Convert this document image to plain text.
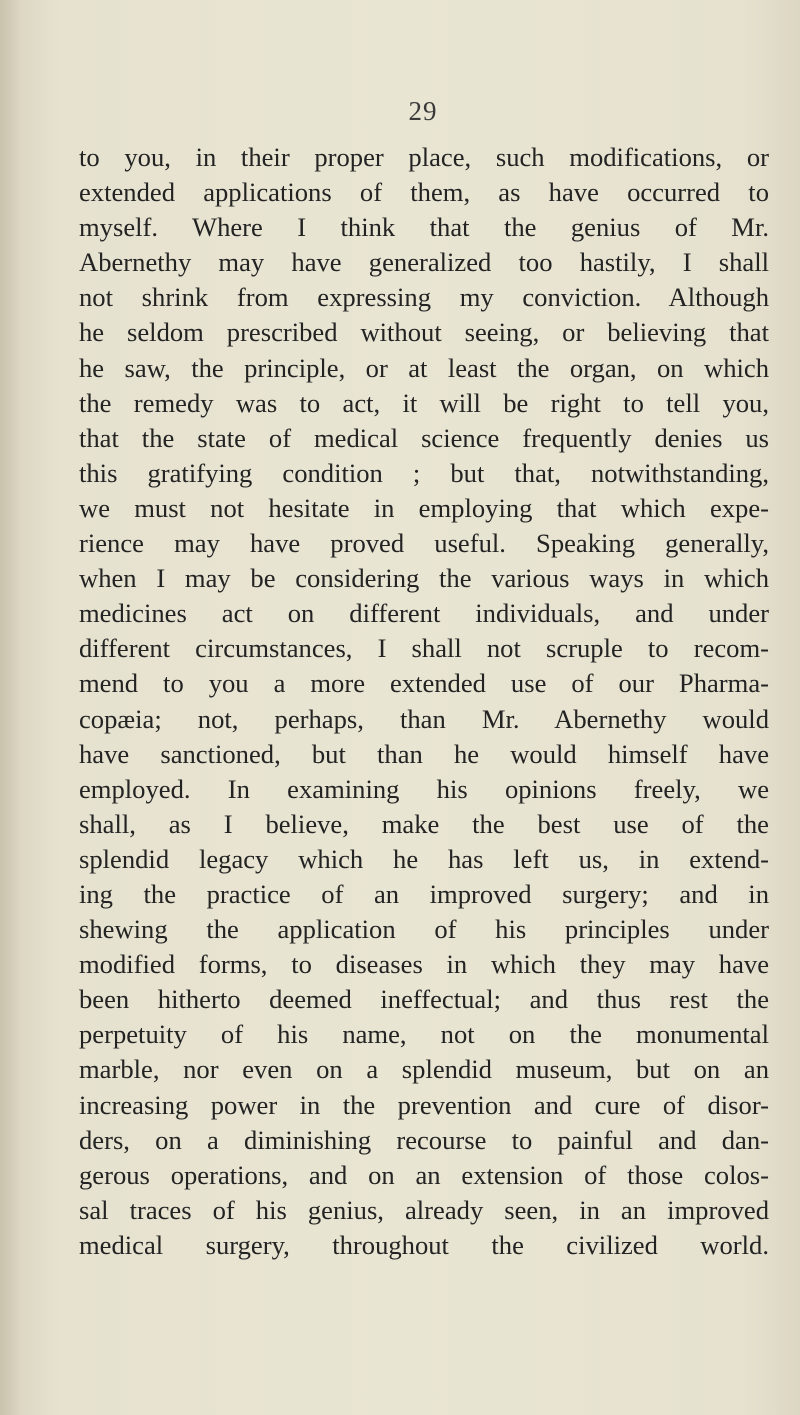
29
to you, in their proper place, such modifications, or
extended applications of them, as have occurred to
myself. Where I think that the genius of Mr.
Abernethy may have generalized too hastily, I shall
not shrink from expressing my conviction. Although
he seldom prescribed without seeing, or believing that
he saw, the principle, or at least the organ, on which
the remedy was to act, it will be right to tell you,
that the state of medical science frequently denies us
this gratifying condition ; but that, notwithstanding,
we must not hesitate in employing that which expe-
rience may have proved useful. Speaking generally,
when I may be considering the various ways in which
medicines act on different individuals, and under
different circumstances, I shall not scruple to recom-
mend to you a more extended use of our Pharma-
copæia; not, perhaps, than Mr. Abernethy would
have sanctioned, but than he would himself have
employed. In examining his opinions freely, we
shall, as I believe, make the best use of the
splendid legacy which he has left us, in extend-
ing the practice of an improved surgery; and in
shewing the application of his principles under
modified forms, to diseases in which they may have
been hitherto deemed ineffectual; and thus rest the
perpetuity of his name, not on the monumental
marble, nor even on a splendid museum, but on an
increasing power in the prevention and cure of disor-
ders, on a diminishing recourse to painful and dan-
gerous operations, and on an extension of those colos-
sal traces of his genius, already seen, in an improved
medical surgery, throughout the civilized world.
